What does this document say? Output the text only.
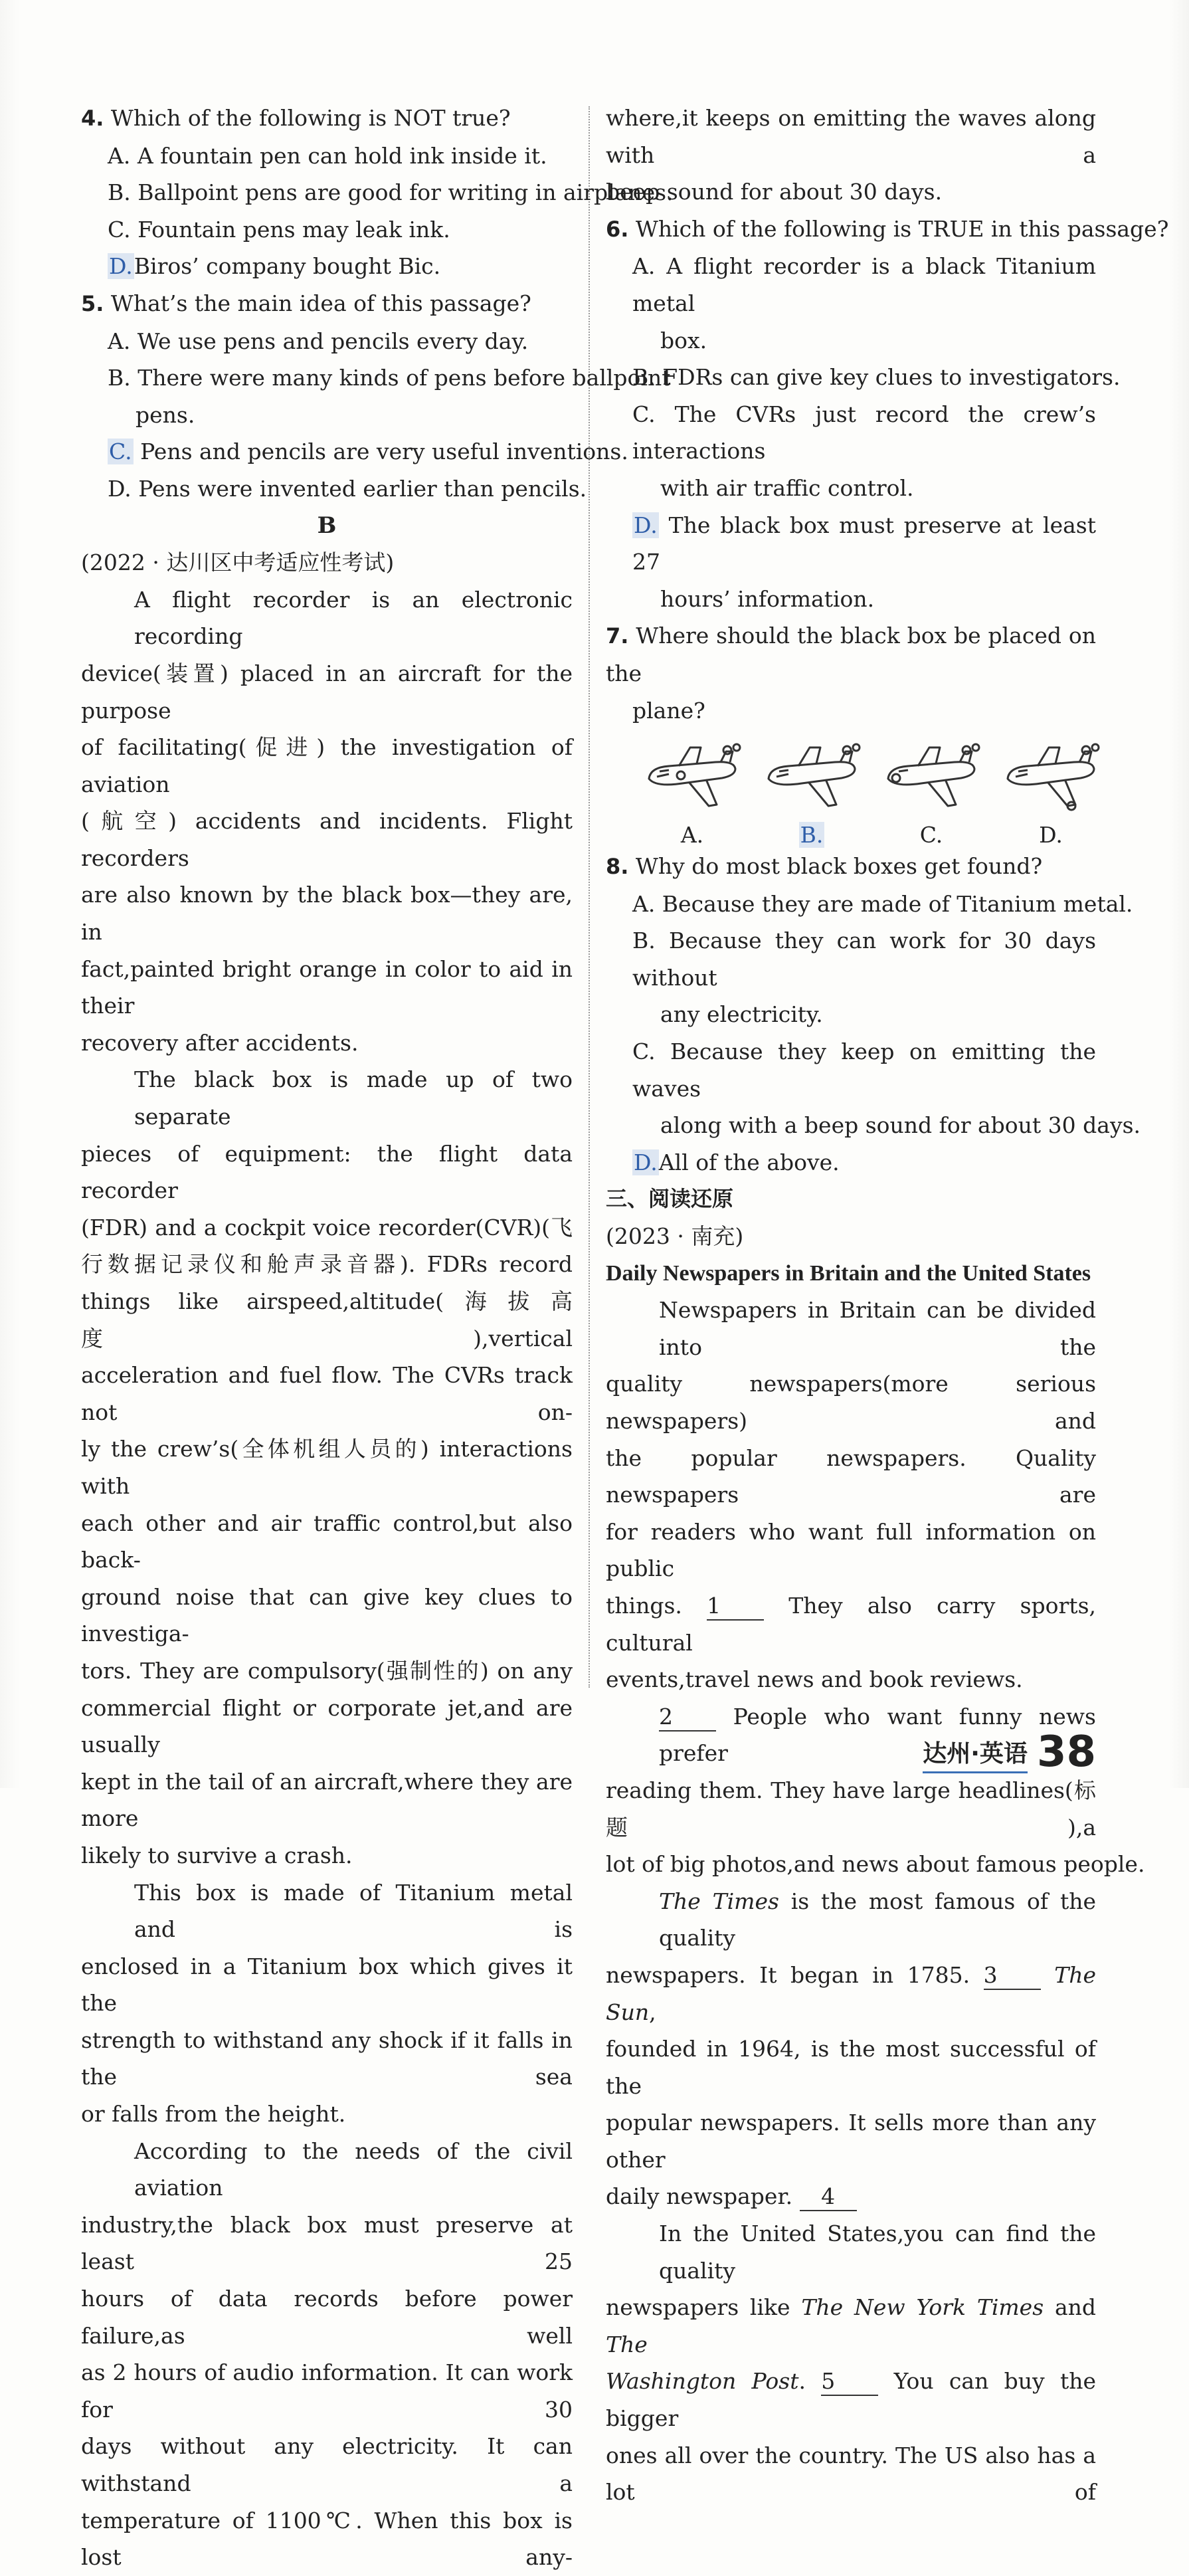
4. Which of the following is NOT true?
A. A fountain pen can hold ink inside it.
B. Ballpoint pens are good for writing in airplanes.
C. Fountain pens may leak ink.
D.Biros’ company bought Bic.
5. What’s the main idea of this passage?
A. We use pens and pencils every day.
B. There were many kinds of pens before ballpoint
pens.
C. Pens and pencils are very useful inventions.
D. Pens were invented earlier than pencils.
B
(2022 · 达川区中考适应性考试)
A flight recorder is an electronic recording
device(装置) placed in an aircraft for the purpose
of facilitating(促进) the investigation of aviation
(航空) accidents and incidents. Flight recorders
are also known by the black box—they are, in
fact,painted bright orange in color to aid in their
recovery after accidents.
The black box is made up of two separate
pieces of equipment: the flight data recorder
(FDR) and a cockpit voice recorder(CVR)(飞
行数据记录仪和舱声录音器). FDRs record
things like airspeed,altitude(海拔高度),vertical
acceleration and fuel flow. The CVRs track not on-
ly the crew’s(全体机组人员的) interactions with
each other and air traffic control,but also back-
ground noise that can give key clues to investiga-
tors. They are compulsory(强制性的) on any
commercial flight or corporate jet,and are usually
kept in the tail of an aircraft,where they are more
likely to survive a crash.
This box is made of Titanium metal and is
enclosed in a Titanium box which gives it the
strength to withstand any shock if it falls in the sea
or falls from the height.
According to the needs of the civil aviation
industry,the black box must preserve at least 25
hours of data records before power failure,as well
as 2 hours of audio information. It can work for 30
days without any electricity. It can withstand a
temperature of 1100℃. When this box is lost any-
where,it keeps on emitting the waves along with a
beep sound for about 30 days.
6. Which of the following is TRUE in this passage?
A. A flight recorder is a black Titanium metal
box.
B. FDRs can give key clues to investigators.
C. The CVRs just record the crew’s interactions
with air traffic control.
D. The black box must preserve at least 27
hours’ information.
7. Where should the black box be placed on the
plane?
A.	B.	C.	D.
8. Why do most black boxes get found?
A. Because they are made of Titanium metal.
B. Because they can work for 30 days without
any electricity.
C. Because they keep on emitting the waves
along with a beep sound for about 30 days.
D.All of the above.
三、阅读还原
(2023 · 南充)
Daily Newspapers in Britain and the United States
Newspapers in Britain can be divided into the
quality newspapers(more serious newspapers) and
the popular newspapers. Quality newspapers are
for readers who want full information on public
things. 1 They also carry sports, cultural
events,travel news and book reviews.
2 People who want funny news prefer
reading them. They have large headlines(标题),a
lot of big photos,and news about famous people.
The Times is the most famous of the quality
newspapers. It began in 1785. 3 The Sun,
founded in 1964, is the most successful of the
popular newspapers. It sells more than any other
daily newspaper. 4
In the United States,you can find the quality
newspapers like The New York Times and The
Washington Post. 5 You can buy the bigger
ones all over the country. The US also has a lot of
达州·英语 38
